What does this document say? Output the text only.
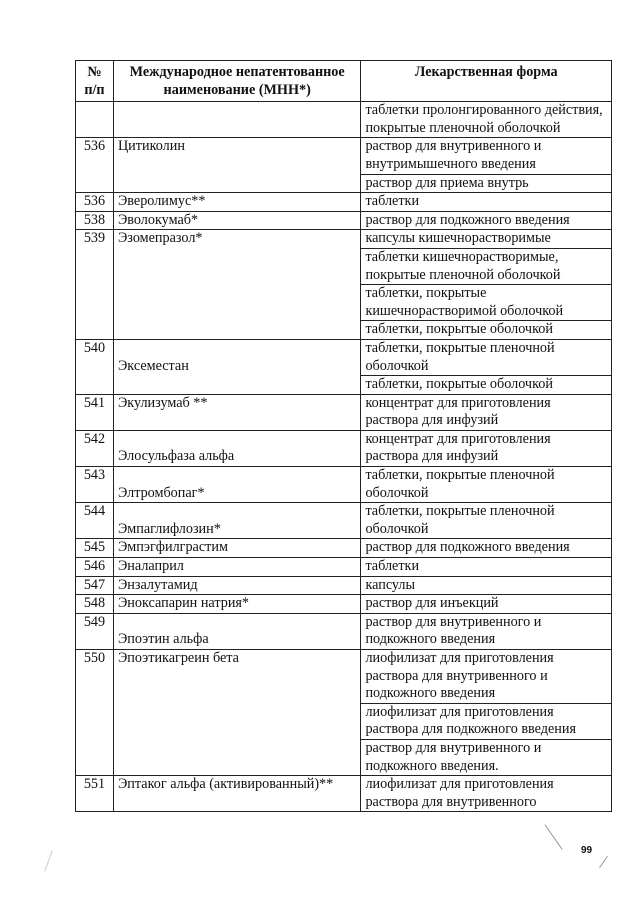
№ п/п	Международное непатентованное наименование (МНН*)	Лекарственная форма
		таблетки пролонгированного действия, покрытые пленочной оболочкой
536	Цитиколин	раствор для внутривенного и внутримышечного введения
		раствор для приема внутрь
536	Эверолимус**	таблетки
538	Эволокумаб*	раствор для подкожного введения
539	Эзомепразол*	капсулы кишечнорастворимые
		таблетки кишечнорастворимые, покрытые пленочной оболочкой
		таблетки, покрытые кишечнорастворимой оболочкой
		таблетки, покрытые оболочкой
540	Эксеместан	таблетки, покрытые пленочной оболочкой
		таблетки, покрытые оболочкой
541	Экулизумаб **	концентрат для приготовления раствора для инфузий
542	Элосульфаза альфа	концентрат для приготовления раствора для инфузий
543	Элтромбопаг*	таблетки, покрытые пленочной оболочкой
544	Эмпаглифлозин*	таблетки, покрытые пленочной оболочкой
545	Эмпэгфилграстим	раствор для подкожного введения
546	Эналаприл	таблетки
547	Энзалутамид	капсулы
548	Эноксапарин натрия*	раствор для инъекций
549	Эпоэтин альфа	раствор для внутривенного и подкожного введения
550	Эпоэтикагреин бета	лиофилизат для приготовления раствора для внутривенного и подкожного введения
		лиофилизат для приготовления раствора для подкожного введения
		раствор для внутривенного и подкожного введения.
551	Эптаког альфа (активированный)**	лиофилизат для приготовления раствора для внутривенного
99
